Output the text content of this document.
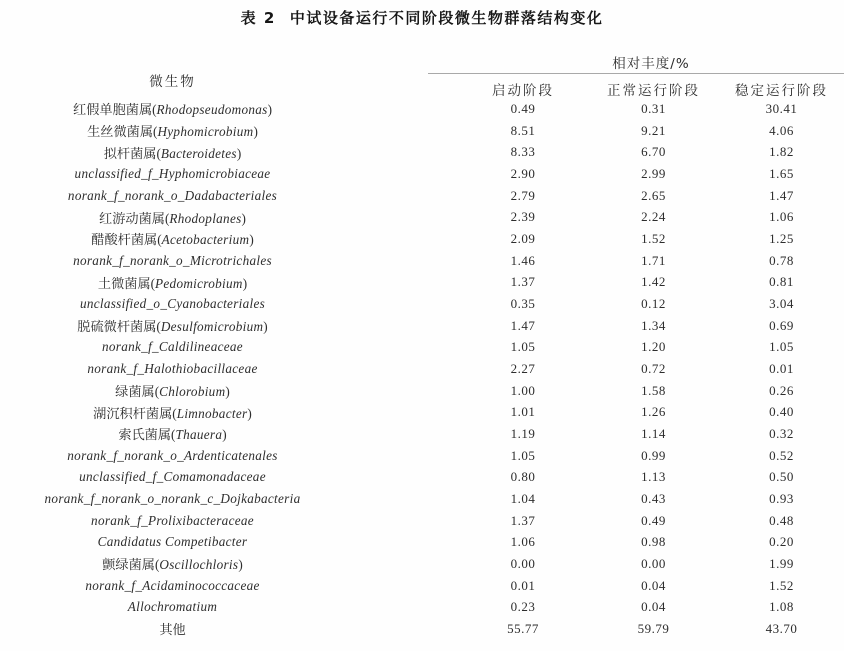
表 2 中试设备运行不同阶段微生物群落结构变化
微生物
相对丰度/%
启动阶段	正常运行阶段	稳定运行阶段
红假单胞菌属(Rhodopseudomonas)	0.49	0.31	30.41
生丝微菌属(Hyphomicrobium)	8.51	9.21	4.06
拟杆菌属(Bacteroidetes)	8.33	6.70	1.82
unclassified_f_Hyphomicrobiaceae	2.90	2.99	1.65
norank_f_norank_o_Dadabacteriales	2.79	2.65	1.47
红游动菌属(Rhodoplanes)	2.39	2.24	1.06
醋酸杆菌属(Acetobacterium)	2.09	1.52	1.25
norank_f_norank_o_Microtrichales	1.46	1.71	0.78
土微菌属(Pedomicrobium)	1.37	1.42	0.81
unclassified_o_Cyanobacteriales	0.35	0.12	3.04
脱硫微杆菌属(Desulfomicrobium)	1.47	1.34	0.69
norank_f_Caldilineaceae	1.05	1.20	1.05
norank_f_Halothiobacillaceae	2.27	0.72	0.01
绿菌属(Chlorobium)	1.00	1.58	0.26
湖沉积杆菌属(Limnobacter)	1.01	1.26	0.40
索氏菌属(Thauera)	1.19	1.14	0.32
norank_f_norank_o_Ardenticatenales	1.05	0.99	0.52
unclassified_f_Comamonadaceae	0.80	1.13	0.50
norank_f_norank_o_norank_c_Dojkabacteria	1.04	0.43	0.93
norank_f_Prolixibacteraceae	1.37	0.49	0.48
Candidatus Competibacter	1.06	0.98	0.20
颤绿菌属(Oscillochloris)	0.00	0.00	1.99
norank_f_Acidaminococcaceae	0.01	0.04	1.52
Allochromatium	0.23	0.04	1.08
其他	55.77	59.79	43.70
